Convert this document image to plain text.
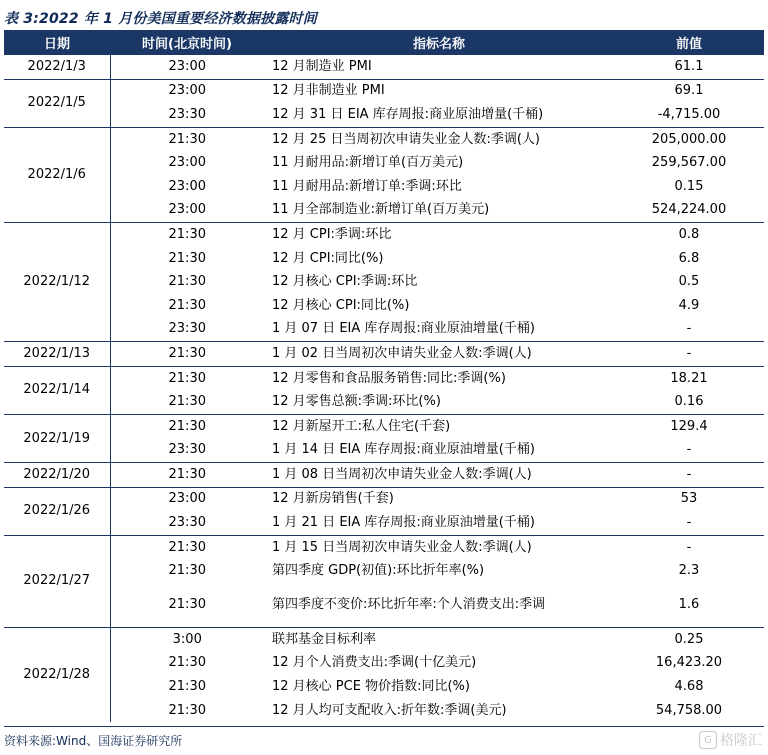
表 3:2022 年 1 月份美国重要经济数据披露时间
日期	时间(北京时间)	指标名称	前值
2022/1/3	23:00	12 月制造业 PMI	61.1
2022/1/5	23:00	12 月非制造业 PMI	69.1
	23:30	12 月 31 日 EIA 库存周报:商业原油增量(千桶)	-4,715.00
2022/1/6	21:30	12 月 25 日当周初次申请失业金人数:季调(人)	205,000.00
	23:00	11 月耐用品:新增订单(百万美元)	259,567.00
	23:00	11 月耐用品:新增订单:季调:环比	0.15
	23:00	11 月全部制造业:新增订单(百万美元)	524,224.00
2022/1/12	21:30	12 月 CPI:季调:环比	0.8
	21:30	12 月 CPI:同比(%)	6.8
	21:30	12 月核心 CPI:季调:环比	0.5
	21:30	12 月核心 CPI:同比(%)	4.9
	23:30	1 月 07 日 EIA 库存周报:商业原油增量(千桶)	-
2022/1/13	21:30	1 月 02 日当周初次申请失业金人数:季调(人)	-
2022/1/14	21:30	12 月零售和食品服务销售:同比:季调(%)	18.21
	21:30	12 月零售总额:季调:环比(%)	0.16
2022/1/19	21:30	12 月新屋开工:私人住宅(千套)	129.4
	23:30	1 月 14 日 EIA 库存周报:商业原油增量(千桶)	-
2022/1/20	21:30	1 月 08 日当周初次申请失业金人数:季调(人)	-
2022/1/26	23:00	12 月新房销售(千套)	53
	23:30	1 月 21 日 EIA 库存周报:商业原油增量(千桶)	-
2022/1/27	21:30	1 月 15 日当周初次申请失业金人数:季调(人)	-
	21:30	第四季度 GDP(初值):环比折年率(%)	2.3
	21:30	第四季度不变价:环比折年率:个人消费支出:季调	1.6
2022/1/28	3:00	联邦基金目标利率	0.25
	21:30	12 月个人消费支出:季调(十亿美元)	16,423.20
	21:30	12 月核心 PCE 物价指数:同比(%)	4.68
	21:30	12 月人均可支配收入:折年数:季调(美元)	54,758.00
资料来源:Wind、国海证券研究所	G 格隆汇
